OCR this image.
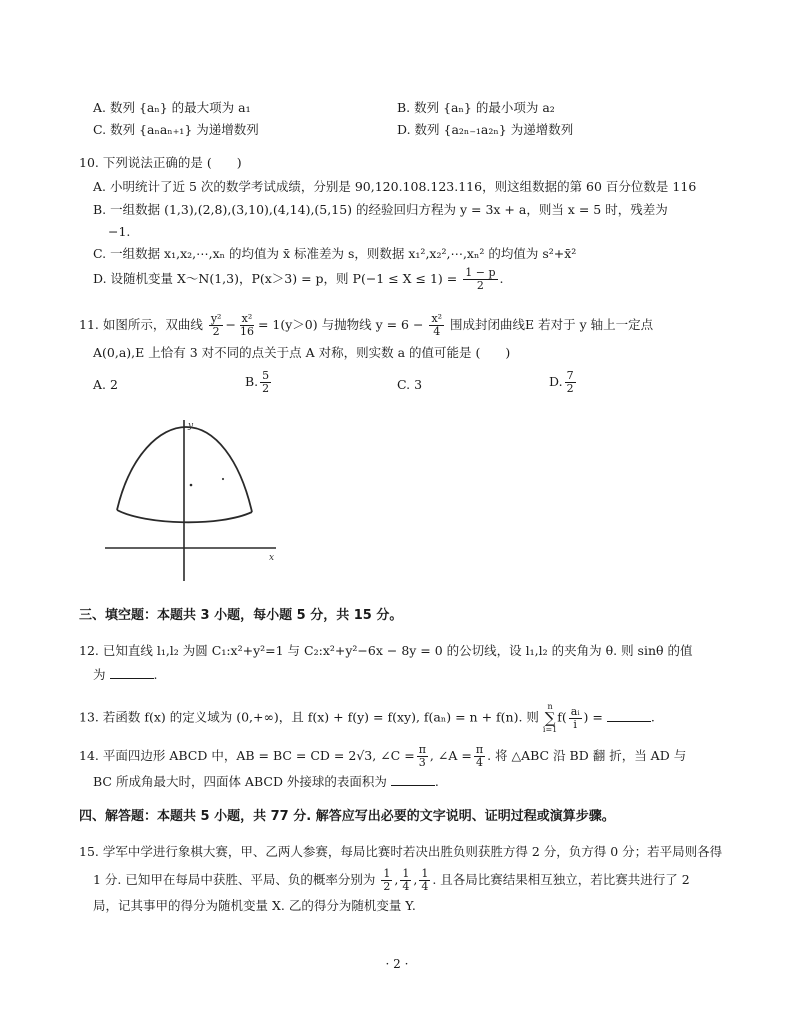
A. 数列 {aₙ} 的最大项为 a₁	B. 数列 {aₙ} 的最小项为 a₂
C. 数列 {aₙaₙ₊₁} 为递增数列	D. 数列 {a₂ₙ₋₁a₂ₙ} 为递增数列
10. 下列说法正确的是 (　　)
A. 小明统计了近 5 次的数学考试成绩，分别是 90,120.108.123.116，则这组数据的第 60 百分位数是 116
B. 一组数据 (1,3),(2,8),(3,10),(4,14),(5,15) 的经验回归方程为 y = 3x + a，则当 x = 5 时，残差为
−1.
C. 一组数据 x₁,x₂,⋯,xₙ 的均值为 x̄ 标准差为 s，则数据 x₁²,x₂²,⋯,xₙ² 的均值为 s²+x̄²
D. 设随机变量 X～N(1,3)，P(x＞3) = p，则 $P(-1 \le X \le 1) = \frac{1 - p}{2}$ .
11. 如图所示，双曲线 $\frac{\text{y²}}{2} - \frac{\text{x²}}{16} = 1(y>0)$ 与抛物线 $y = 6 - \frac{\text{x²}}{4}$ 围成封闭曲线E 若对于 y 轴上一定点
A(0,a),E 上恰有 3 对不同的点关于点 A 对称，则实数 a 的值可能是 (　　)
A. 2	B. $\frac{5}{2}$	C. 3	D. $\frac{7}{2}$
y
x
三、填空题：本题共 3 小题，每小题 5 分，共 15 分。
12. 已知直线 l₁,l₂ 为圆 C₁:x²+y²=1 与 C₂:x²+y²−6x − 8y = 0 的公切线，设 l₁,l₂ 的夹角为 θ. 则 sinθ 的值
为	.
13. 若函数 f(x) 的定义域为 (0,+∞)，且 f(x) + f(y) = f(xy), f(aₙ) = n + f(n). 则
n
∑
i=1
$f( \frac{\text{aᵢ}}{i}$ ) =	.
14. 平面四边形 ABCD 中，AB = BC = CD = 2√3, ∠C = $\frac{\pi}{3}$ , ∠A = $\frac{\pi}{4}$ . 将 △ABC 沿 BD 翻 折，当 AD 与
BC 所成角最大时，四面体 ABCD 外接球的表面积为	.
四、解答题：本题共 5 小题，共 77 分. 解答应写出必要的文字说明、证明过程或演算步骤。
15. 学军中学进行象棋大赛，甲、乙两人参赛，每局比赛时若决出胜负则获胜方得 2 分，负方得 0 分；若平局则各得
1 分. 已知甲在每局中获胜、平局、负的概率分别为 $\frac{1}{2}$ , $\frac{1}{4}$ , $\frac{1}{4}$ . 且各局比赛结果相互独立，若比赛共进行了 2
局，记其事甲的得分为随机变量 X. 乙的得分为随机变量 Y.
· 2 ·
